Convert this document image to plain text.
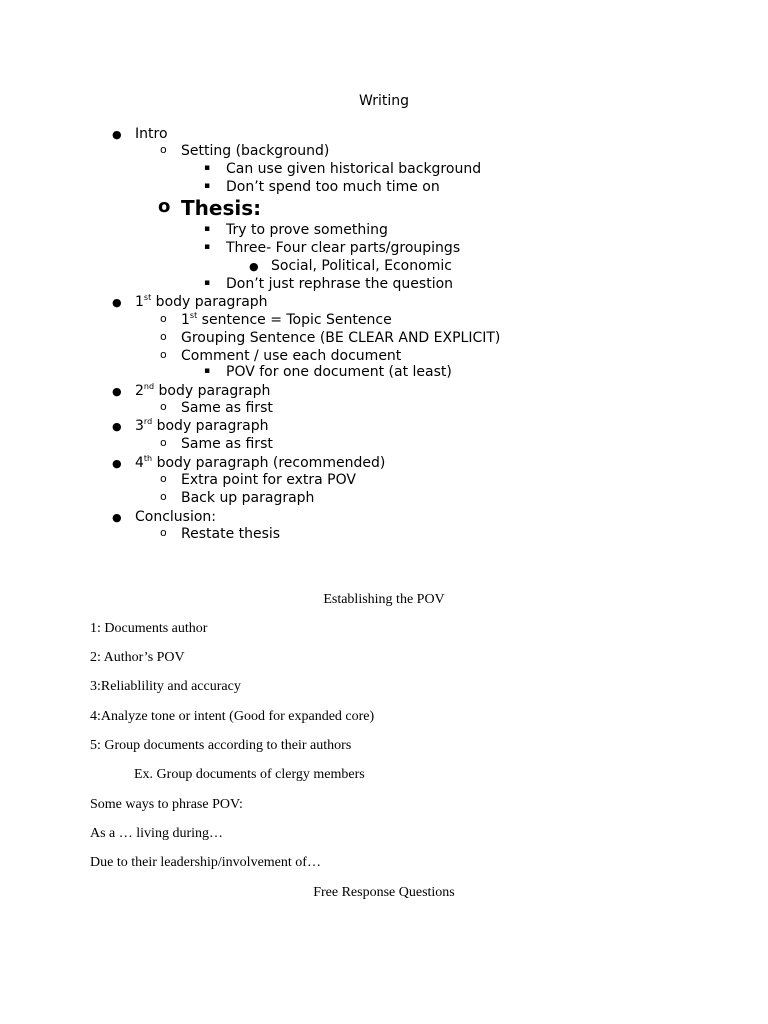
Writing
● Intro
o Setting (background)
▪ Can use given historical background
▪ Don’t spend too much time on
o Thesis:
▪ Try to prove something
▪ Three- Four clear parts/groupings
● Social, Political, Economic
▪ Don’t just rephrase the question
● 1st body paragraph
o 1st sentence = Topic Sentence
o Grouping Sentence (BE CLEAR AND EXPLICIT)
o Comment / use each document
▪ POV for one document (at least)
● 2nd body paragraph
o Same as first
● 3rd body paragraph
o Same as first
● 4th body paragraph (recommended)
o Extra point for extra POV
o Back up paragraph
● Conclusion:
o Restate thesis
Establishing the POV
1: Documents author
2: Author’s POV
3:Reliablility and accuracy
4:Analyze tone or intent (Good for expanded core)
5: Group documents according to their authors
Ex. Group documents of clergy members
Some ways to phrase POV:
As a … living during…
Due to their leadership/involvement of…
Free Response Questions
